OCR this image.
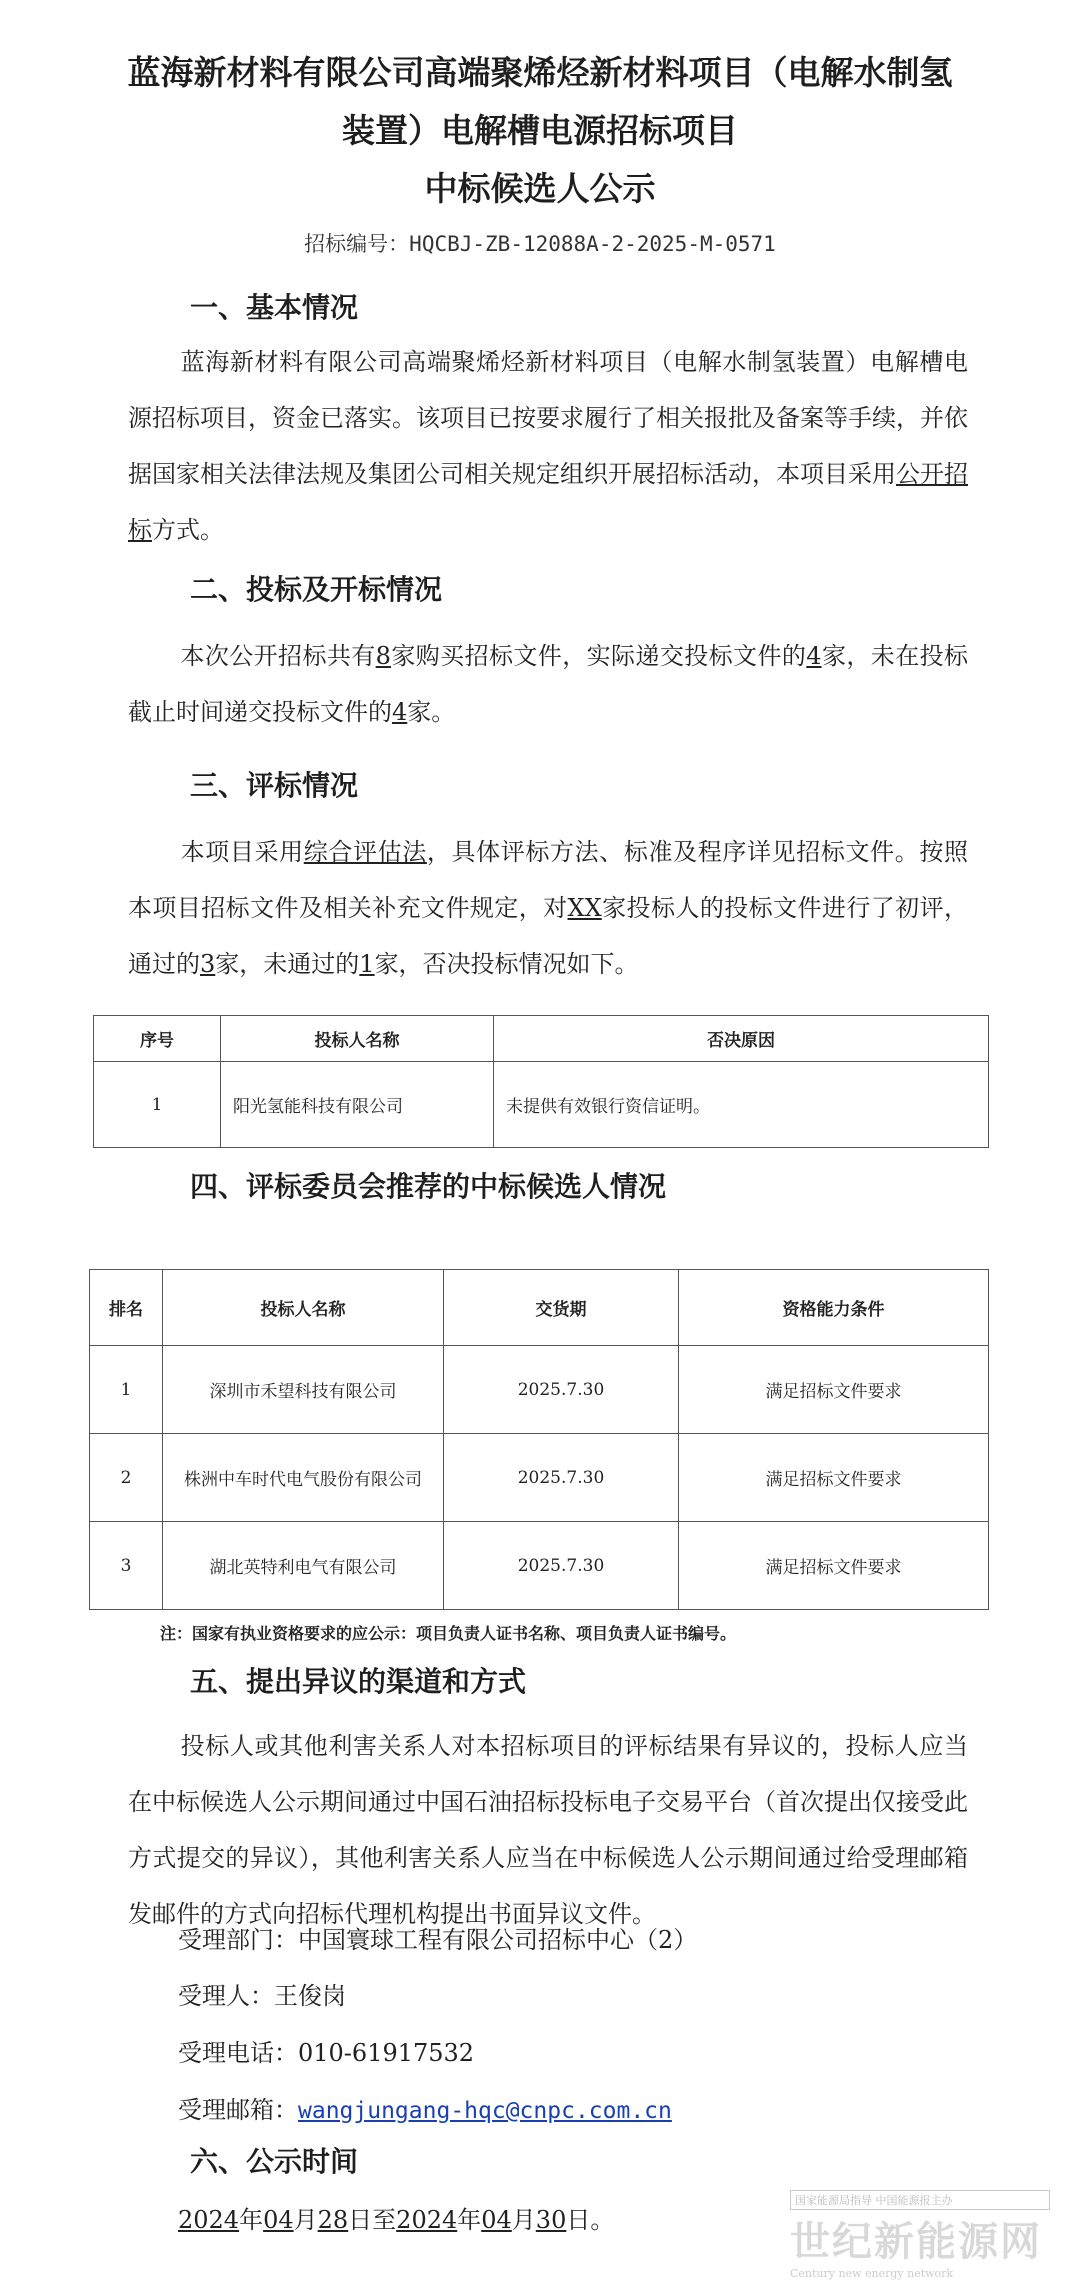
蓝海新材料有限公司高端聚烯烃新材料项目（电解水制氢
装置）电解槽电源招标项目
中标候选人公示
招标编号：HQCBJ-ZB-12088A-2-2025-M-0571
一、基本情况
蓝海新材料有限公司高端聚烯烃新材料项目（电解水制氢装置）电解槽电源招标项目，资金已落实。该项目已按要求履行了相关报批及备案等手续，并依据国家相关法律法规及集团公司相关规定组织开展招标活动，本项目采用公开招标方式。
二、投标及开标情况
本次公开招标共有8家购买招标文件，实际递交投标文件的4家，未在投标截止时间递交投标文件的4家。
三、评标情况
本项目采用综合评估法，具体评标方法、标准及程序详见招标文件。按照本项目招标文件及相关补充文件规定，对XX家投标人的投标文件进行了初评，通过的3家，未通过的1家，否决投标情况如下。
序号	投标人名称	否决原因
1	阳光氢能科技有限公司	未提供有效银行资信证明。
四、评标委员会推荐的中标候选人情况
排名	投标人名称	交货期	资格能力条件
1	深圳市禾望科技有限公司	2025.7.30	满足招标文件要求
2	株洲中车时代电气股份有限公司	2025.7.30	满足招标文件要求
3	湖北英特利电气有限公司	2025.7.30	满足招标文件要求
注：国家有执业资格要求的应公示：项目负责人证书名称、项目负责人证书编号。
五、提出异议的渠道和方式
投标人或其他利害关系人对本招标项目的评标结果有异议的，投标人应当在中标候选人公示期间通过中国石油招标投标电子交易平台（首次提出仅接受此方式提交的异议），其他利害关系人应当在中标候选人公示期间通过给受理邮箱发邮件的方式向招标代理机构提出书面异议文件。
受理部门：中国寰球工程有限公司招标中心（2）
受理人：王俊岗
受理电话：010-61917532
受理邮箱：wangjungang-hqc@cnpc.com.cn
六、公示时间
2024年04月28日至2024年04月30日。
国家能源局指导 中国能源报主办
世纪新能源网
Century new energy network
